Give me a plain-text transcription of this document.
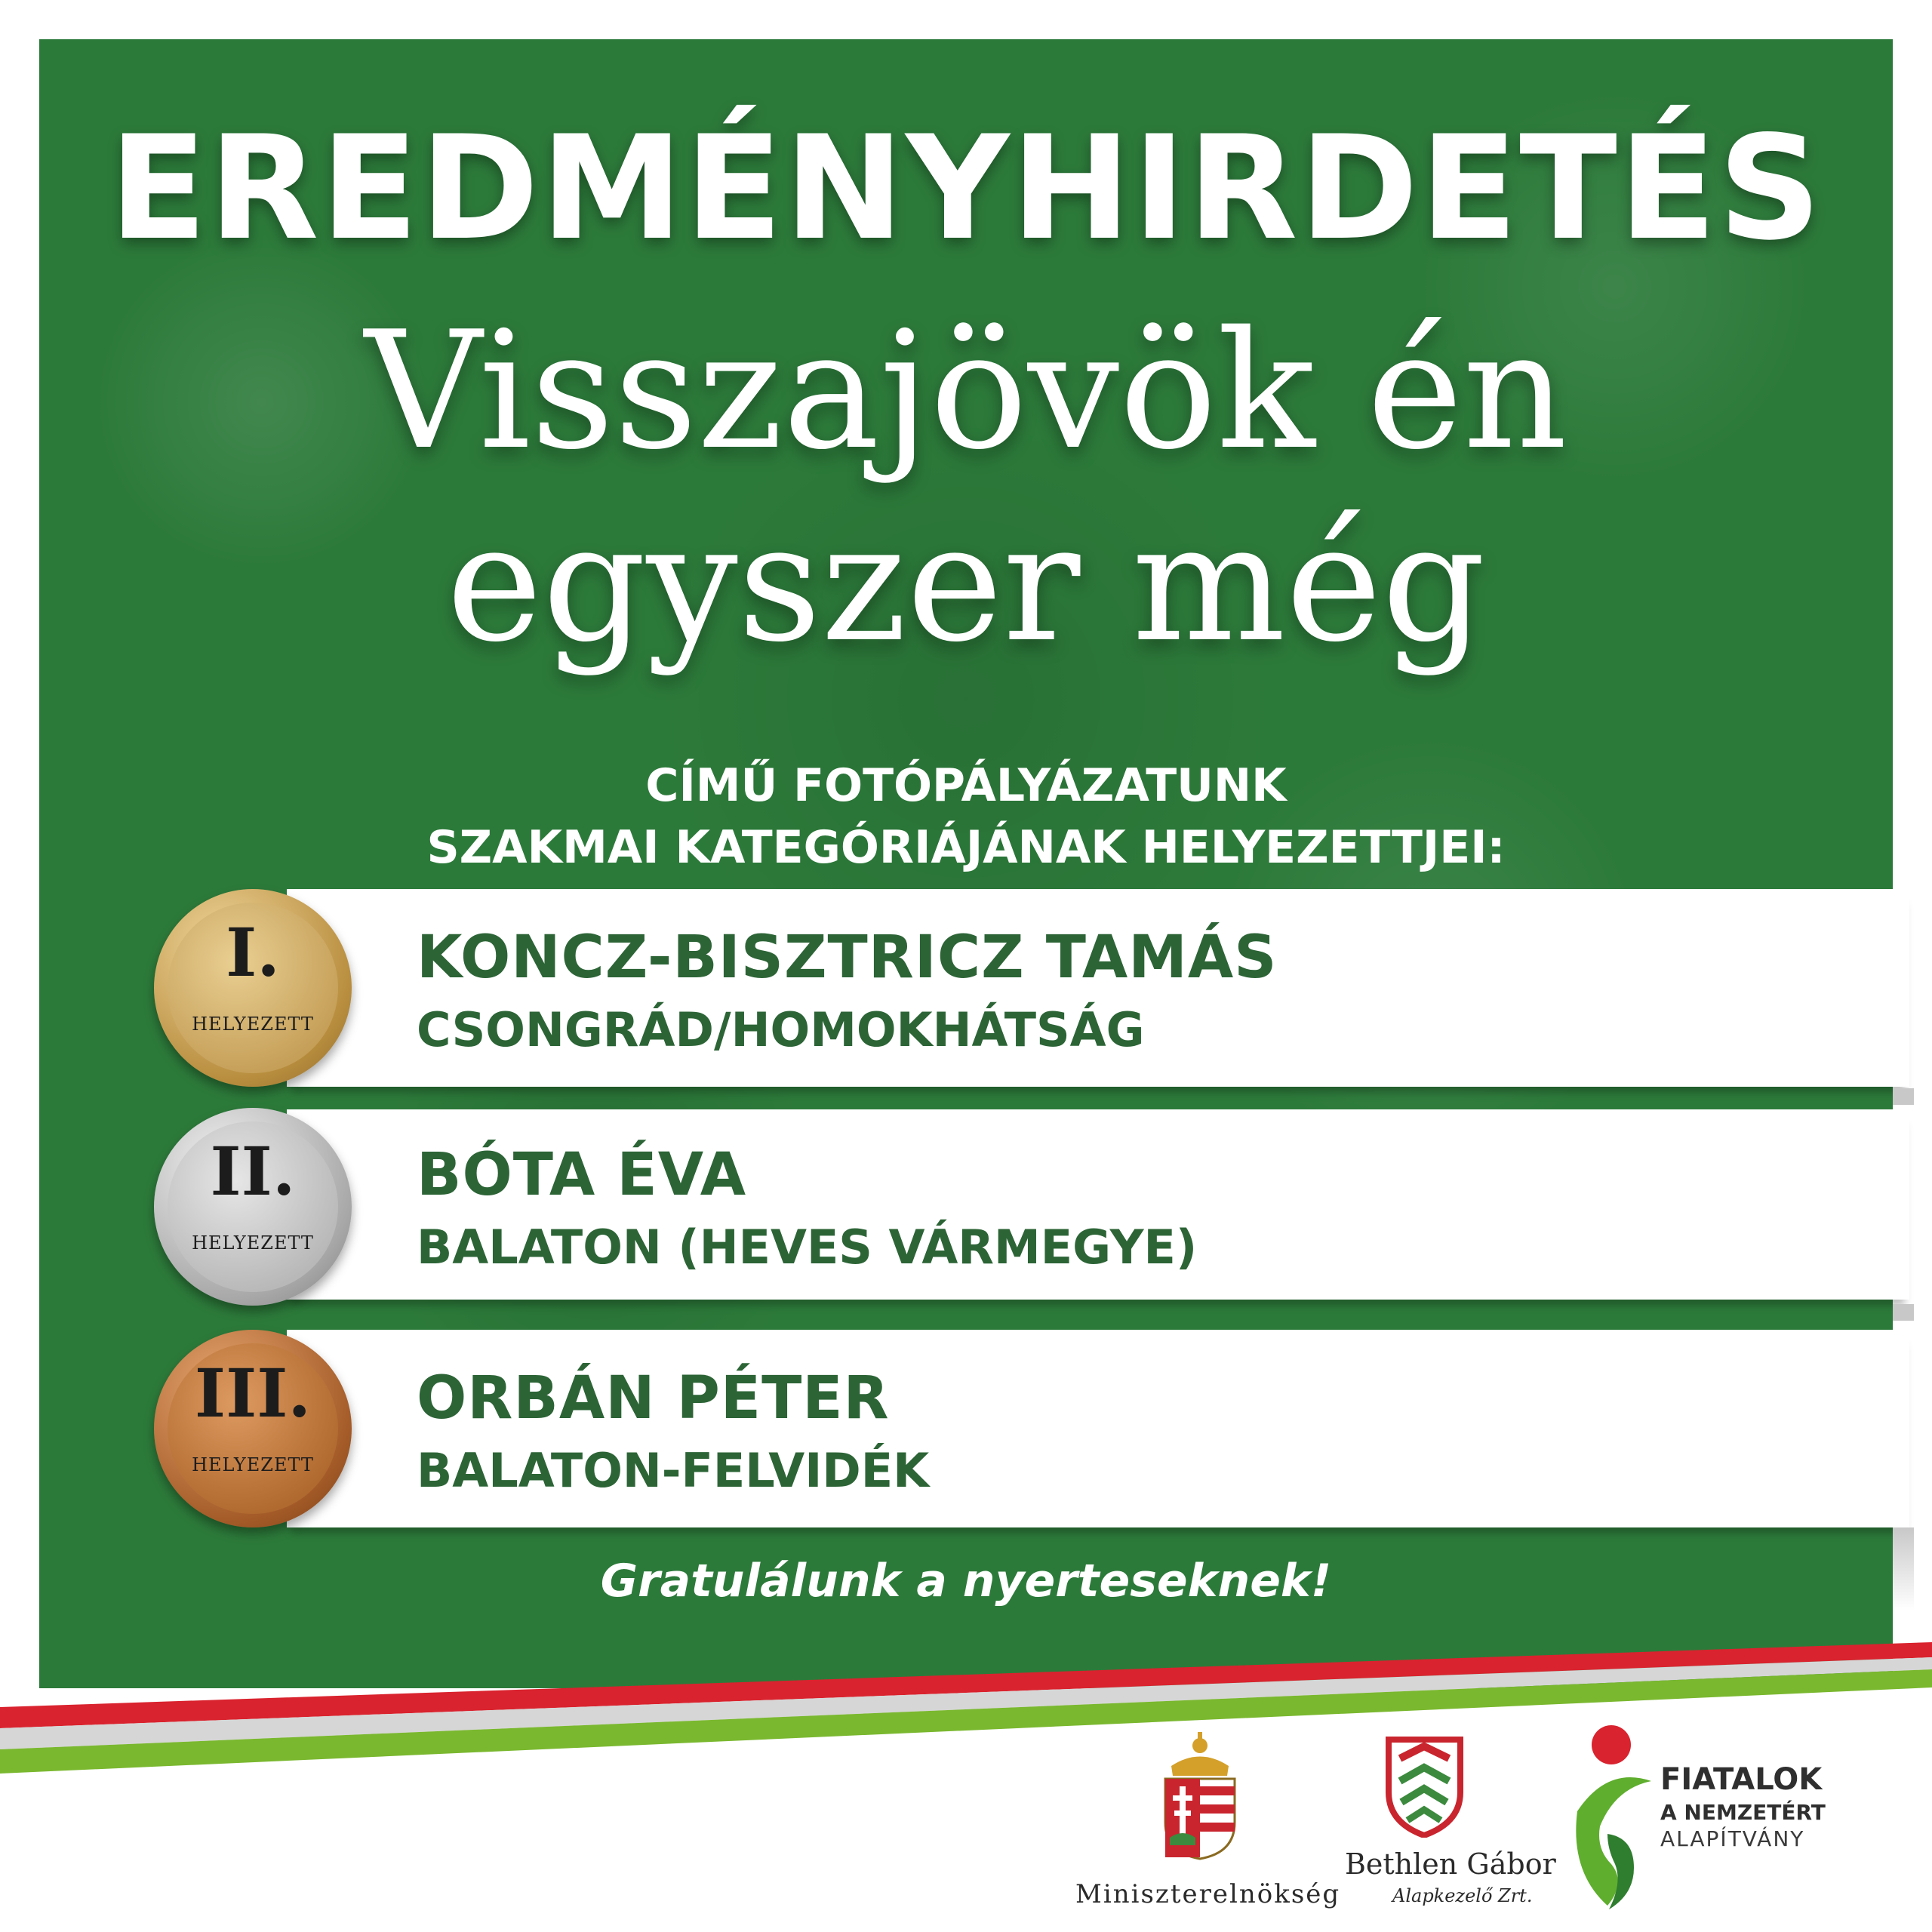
EREDMÉNYHIRDETÉS
Visszajövök én
egyszer még
CÍMŰ FOTÓPÁLYÁZATUNK
SZAKMAI KATEGÓRIÁJÁNAK HELYEZETTJEI:
KONCZ-BISZTRICZ TAMÁS
CSONGRÁD/HOMOKHÁTSÁG
I.
HELYEZETT
BÓTA ÉVA
BALATON (HEVES VÁRMEGYE)
II.
HELYEZETT
ORBÁN PÉTER
BALATON-FELVIDÉK
III.
HELYEZETT
Gratulálunk a nyerteseknek!
Miniszterelnökség
Bethlen Gábor
Alapkezelő Zrt.
FIATALOK
A NEMZETÉRT
ALAPÍTVÁNY
